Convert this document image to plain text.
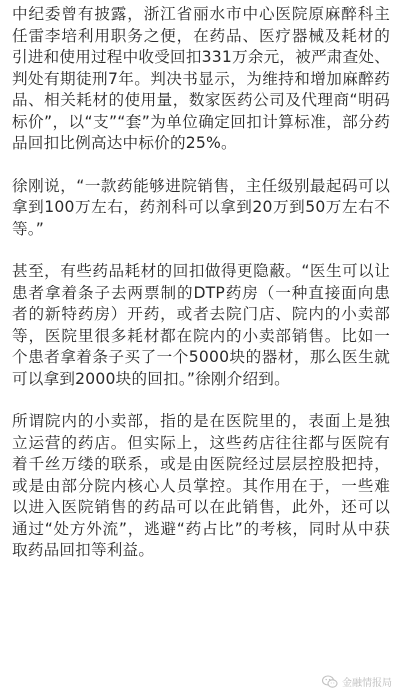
中纪委曾有披露，浙江省丽水市中心医院原麻醉科主任雷李培利用职务之便，在药品、医疗器械及耗材的引进和使用过程中收受回扣331万余元，被严肃查处、判处有期徒刑7年。判决书显示，为维持和增加麻醉药品、相关耗材的使用量，数家医药公司及代理商“明码标价”，以“支”“套”为单位确定回扣计算标准，部分药品回扣比例高达中标价的25%。

徐刚说，“一款药能够进院销售，主任级别最起码可以拿到100万左右，药剂科可以拿到20万到50万左右不等。”

甚至，有些药品耗材的回扣做得更隐蔽。“医生可以让患者拿着条子去两票制的DTP药房（一种直接面向患者的新特药房）开药，或者去院门店、院内的小卖部等，医院里很多耗材都在院内的小卖部销售。比如一个患者拿着条子买了一个5000块的器材，那么医生就可以拿到2000块的回扣。”徐刚介绍到。

所谓院内的小卖部，指的是在医院里的，表面上是独立运营的药店。但实际上，这些药店往往都与医院有着千丝万缕的联系，或是由医院经过层层控股把持，或是由部分院内核心人员掌控。其作用在于，一些难以进入医院销售的药品可以在此销售，此外，还可以通过“处方外流”，逃避“药占比”的考核，同时从中获取药品回扣等利益。

金融情报局
